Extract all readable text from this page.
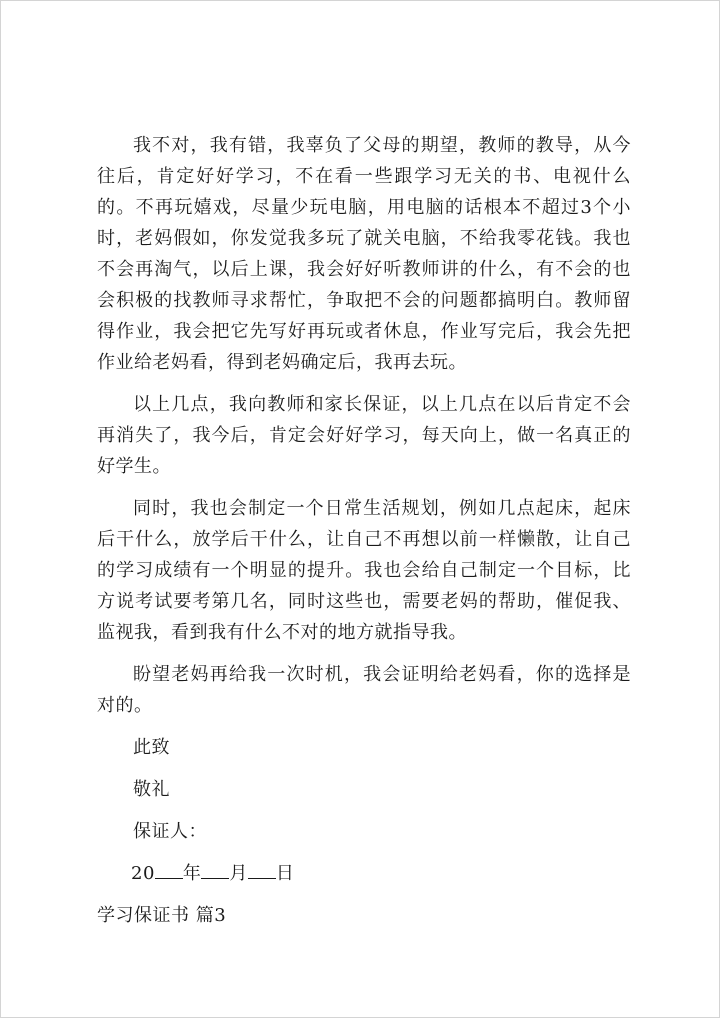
我不对，我有错，我辜负了父母的期望，教师的教导，从今往后，肯定好好学习，不在看一些跟学习无关的书、电视什么的。不再玩嬉戏，尽量少玩电脑，用电脑的话根本不超过3个小时，老妈假如，你发觉我多玩了就关电脑，不给我零花钱。我也不会再淘气，以后上课，我会好好听教师讲的什么，有不会的也会积极的找教师寻求帮忙，争取把不会的问题都搞明白。教师留得作业，我会把它先写好再玩或者休息，作业写完后，我会先把作业给老妈看，得到老妈确定后，我再去玩。

以上几点，我向教师和家长保证，以上几点在以后肯定不会再消失了，我今后，肯定会好好学习，每天向上，做一名真正的好学生。

同时，我也会制定一个日常生活规划，例如几点起床，起床后干什么，放学后干什么，让自己不再想以前一样懒散，让自己的学习成绩有一个明显的提升。我也会给自己制定一个目标，比方说考试要考第几名，同时这些也，需要老妈的帮助，催促我、监视我，看到我有什么不对的地方就指导我。

盼望老妈再给我一次时机，我会证明给老妈看，你的选择是对的。

此致
敬礼
保证人：
20 年 月 日
学习保证书 篇3
